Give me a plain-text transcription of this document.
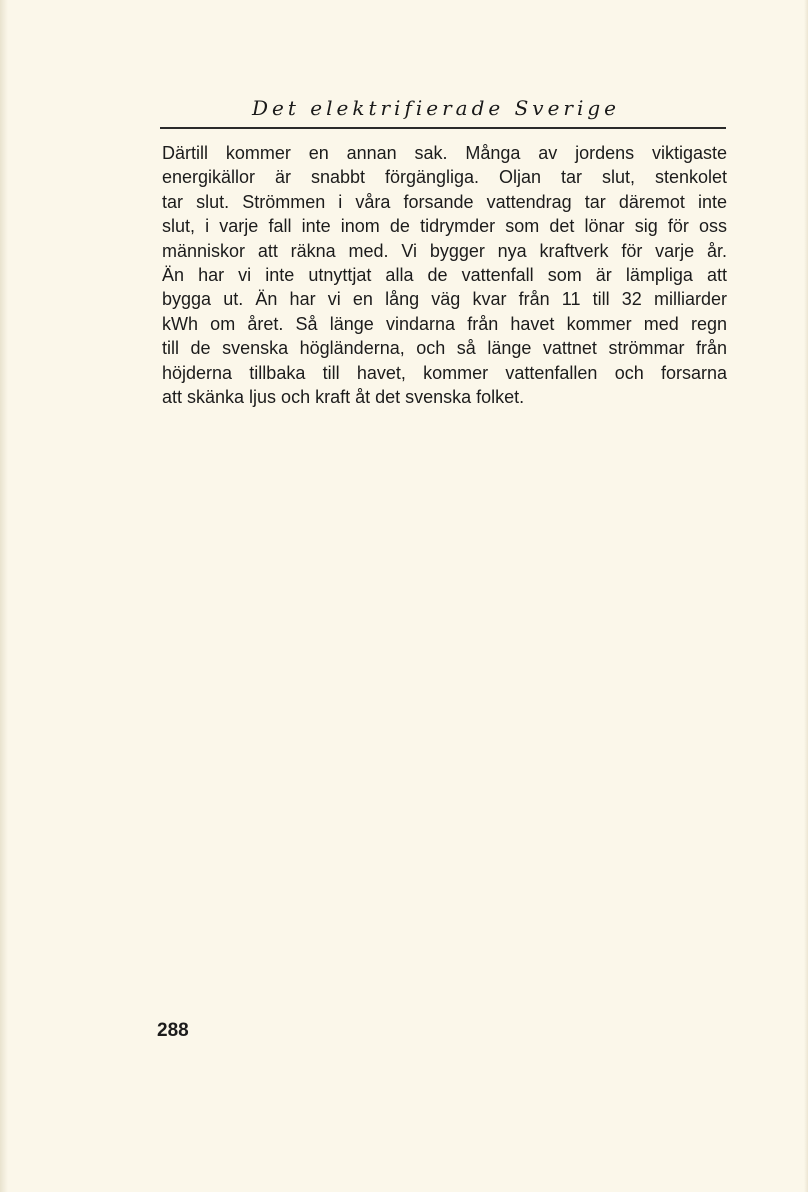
Det elektrifierade Sverige
Därtill kommer en annan sak. Många av jordens viktigaste
energikällor är snabbt förgängliga. Oljan tar slut, stenkolet
tar slut. Strömmen i våra forsande vattendrag tar däremot inte
slut, i varje fall inte inom de tidrymder som det lönar sig för oss
människor att räkna med. Vi bygger nya kraftverk för varje år.
Än har vi inte utnyttjat alla de vattenfall som är lämpliga att
bygga ut. Än har vi en lång väg kvar från 11 till 32 milliarder
kWh om året. Så länge vindarna från havet kommer med regn
till de svenska högländerna, och så länge vattnet strömmar från
höjderna tillbaka till havet, kommer vattenfallen och forsarna
att skänka ljus och kraft åt det svenska folket.
288
